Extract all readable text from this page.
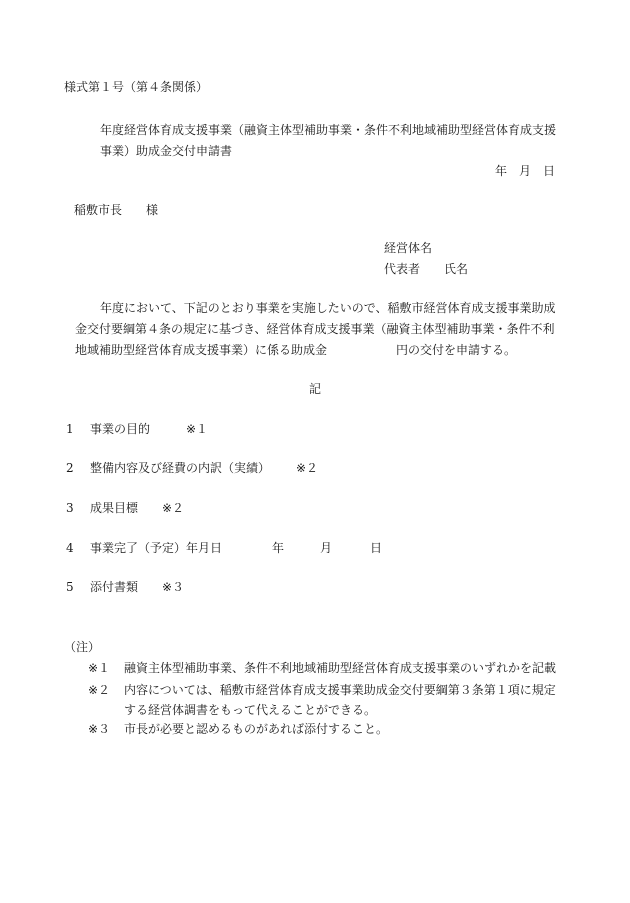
様式第１号（第４条関係）

年度経営体育成支援事業（融資主体型補助事業・条件不利地域補助型経営体育成支援

事業）助成金交付申請書

年　月　日

稲敷市長　　様

経営体名

代表者　　氏名

年度において、下記のとおり事業を実施したいので、稲敷市経営体育成支援事業助成

金交付要綱第４条の規定に基づき、経営体育成支援事業（融資主体型補助事業・条件不利

地域補助型経営体育成支援事業）に係る助成金	円の交付を申請する。

記

1 事業の目的	※１

2 整備内容及び経費の内訳（実績） ※２

3 成果目標 ※２

4 事業完了（予定）年月日	年	月	日

5 添付書類 ※３

（注）

※１ 融資主体型補助事業、条件不利地域補助型経営体育成支援事業のいずれかを記載

※２ 内容については、稲敷市経営体育成支援事業助成金交付要綱第３条第１項に規定

する経営体調書をもって代えることができる。

※３ 市長が必要と認めるものがあれば添付すること。
